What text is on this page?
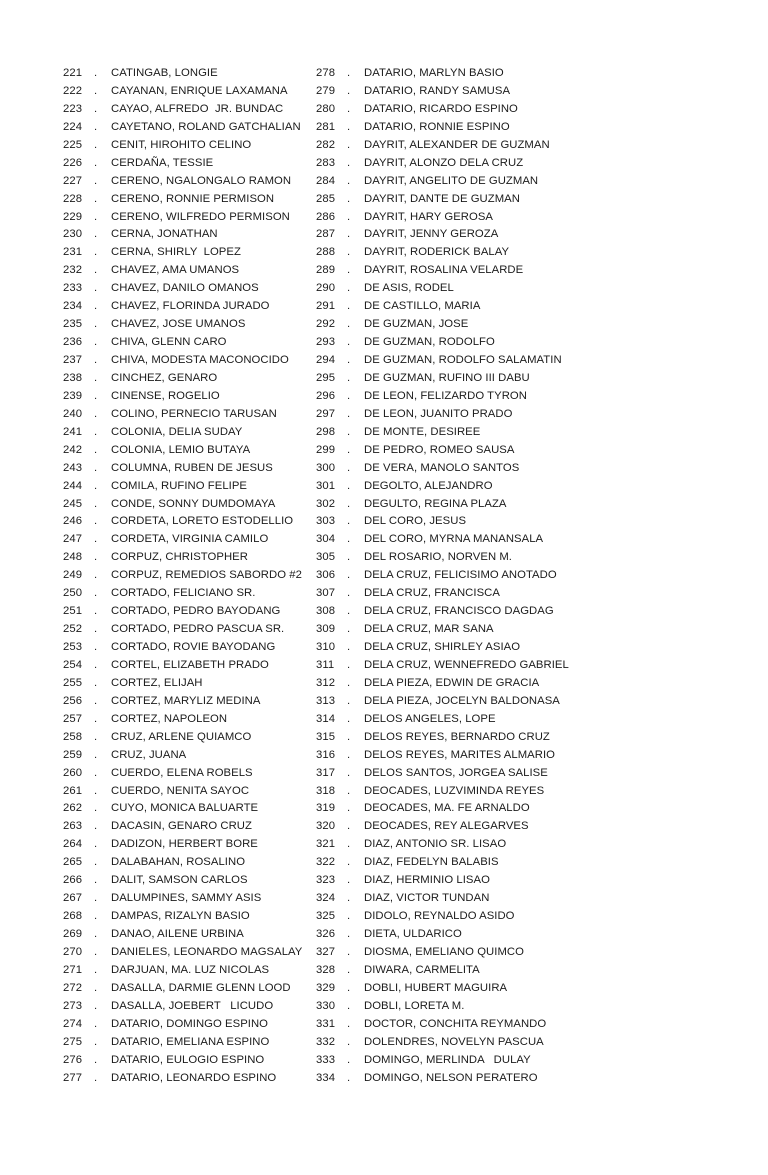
221	.	CATINGAB, LONGIE
222	.	CAYANAN, ENRIQUE LAXAMANA
223	.	CAYAO, ALFREDO  JR. BUNDAC
224	.	CAYETANO, ROLAND GATCHALIAN
225	.	CENIT, HIROHITO CELINO
226	.	CERDAÑA, TESSIE
227	.	CERENO, NGALONGALO RAMON
228	.	CERENO, RONNIE PERMISON
229	.	CERENO, WILFREDO PERMISON
230	.	CERNA, JONATHAN
231	.	CERNA, SHIRLY  LOPEZ
232	.	CHAVEZ, AMA UMANOS
233	.	CHAVEZ, DANILO OMANOS
234	.	CHAVEZ, FLORINDA JURADO
235	.	CHAVEZ, JOSE UMANOS
236	.	CHIVA, GLENN CARO
237	.	CHIVA, MODESTA MACONOCIDO
238	.	CINCHEZ, GENARO
239	.	CINENSE, ROGELIO
240	.	COLINO, PERNECIO TARUSAN
241	.	COLONIA, DELIA SUDAY
242	.	COLONIA, LEMIO BUTAYA
243	.	COLUMNA, RUBEN DE JESUS
244	.	COMILA, RUFINO FELIPE
245	.	CONDE, SONNY DUMDOMAYA
246	.	CORDETA, LORETO ESTODELLIO
247	.	CORDETA, VIRGINIA CAMILO
248	.	CORPUZ, CHRISTOPHER
249	.	CORPUZ, REMEDIOS SABORDO #2
250	.	CORTADO, FELICIANO SR.
251	.	CORTADO, PEDRO BAYODANG
252	.	CORTADO, PEDRO PASCUA SR.
253	.	CORTADO, ROVIE BAYODANG
254	.	CORTEL, ELIZABETH PRADO
255	.	CORTEZ, ELIJAH
256	.	CORTEZ, MARYLIZ MEDINA
257	.	CORTEZ, NAPOLEON
258	.	CRUZ, ARLENE QUIAMCO
259	.	CRUZ, JUANA
260	.	CUERDO, ELENA ROBELS
261	.	CUERDO, NENITA SAYOC
262	.	CUYO, MONICA BALUARTE
263	.	DACASIN, GENARO CRUZ
264	.	DADIZON, HERBERT BORE
265	.	DALABAHAN, ROSALINO
266	.	DALIT, SAMSON CARLOS
267	.	DALUMPINES, SAMMY ASIS
268	.	DAMPAS, RIZALYN BASIO
269	.	DANAO, AILENE URBINA
270	.	DANIELES, LEONARDO MAGSALAY
271	.	DARJUAN, MA. LUZ NICOLAS
272	.	DASALLA, DARMIE GLENN LOOD
273	.	DASALLA, JOEBERT   LICUDO
274	.	DATARIO, DOMINGO ESPINO
275	.	DATARIO, EMELIANA ESPINO
276	.	DATARIO, EULOGIO ESPINO
277	.	DATARIO, LEONARDO ESPINO
278	.	DATARIO, MARLYN BASIO
279	.	DATARIO, RANDY SAMUSA
280	.	DATARIO, RICARDO ESPINO
281	.	DATARIO, RONNIE ESPINO
282	.	DAYRIT, ALEXANDER DE GUZMAN
283	.	DAYRIT, ALONZO DELA CRUZ
284	.	DAYRIT, ANGELITO DE GUZMAN
285	.	DAYRIT, DANTE DE GUZMAN
286	.	DAYRIT, HARY GEROSA
287	.	DAYRIT, JENNY GEROZA
288	.	DAYRIT, RODERICK BALAY
289	.	DAYRIT, ROSALINA VELARDE
290	.	DE ASIS, RODEL
291	.	DE CASTILLO, MARIA
292	.	DE GUZMAN, JOSE
293	.	DE GUZMAN, RODOLFO
294	.	DE GUZMAN, RODOLFO SALAMATIN
295	.	DE GUZMAN, RUFINO III DABU
296	.	DE LEON, FELIZARDO TYRON
297	.	DE LEON, JUANITO PRADO
298	.	DE MONTE, DESIREE
299	.	DE PEDRO, ROMEO SAUSA
300	.	DE VERA, MANOLO SANTOS
301	.	DEGOLTO, ALEJANDRO
302	.	DEGULTO, REGINA PLAZA
303	.	DEL CORO, JESUS
304	.	DEL CORO, MYRNA MANANSALA
305	.	DEL ROSARIO, NORVEN M.
306	.	DELA CRUZ, FELICISIMO ANOTADO
307	.	DELA CRUZ, FRANCISCA
308	.	DELA CRUZ, FRANCISCO DAGDAG
309	.	DELA CRUZ, MAR SANA
310	.	DELA CRUZ, SHIRLEY ASIAO
311	.	DELA CRUZ, WENNEFREDO GABRIEL
312	.	DELA PIEZA, EDWIN DE GRACIA
313	.	DELA PIEZA, JOCELYN BALDONASA
314	.	DELOS ANGELES, LOPE
315	.	DELOS REYES, BERNARDO CRUZ
316	.	DELOS REYES, MARITES ALMARIO
317	.	DELOS SANTOS, JORGEA SALISE
318	.	DEOCADES, LUZVIMINDA REYES
319	.	DEOCADES, MA. FE ARNALDO
320	.	DEOCADES, REY ALEGARVES
321	.	DIAZ, ANTONIO SR. LISAO
322	.	DIAZ, FEDELYN BALABIS
323	.	DIAZ, HERMINIO LISAO
324	.	DIAZ, VICTOR TUNDAN
325	.	DIDOLO, REYNALDO ASIDO
326	.	DIETA, ULDARICO
327	.	DIOSMA, EMELIANO QUIMCO
328	.	DIWARA, CARMELITA
329	.	DOBLI, HUBERT MAGUIRA
330	.	DOBLI, LORETA M.
331	.	DOCTOR, CONCHITA REYMANDO
332	.	DOLENDRES, NOVELYN PASCUA
333	.	DOMINGO, MERLINDA   DULAY
334	.	DOMINGO, NELSON PERATERO
